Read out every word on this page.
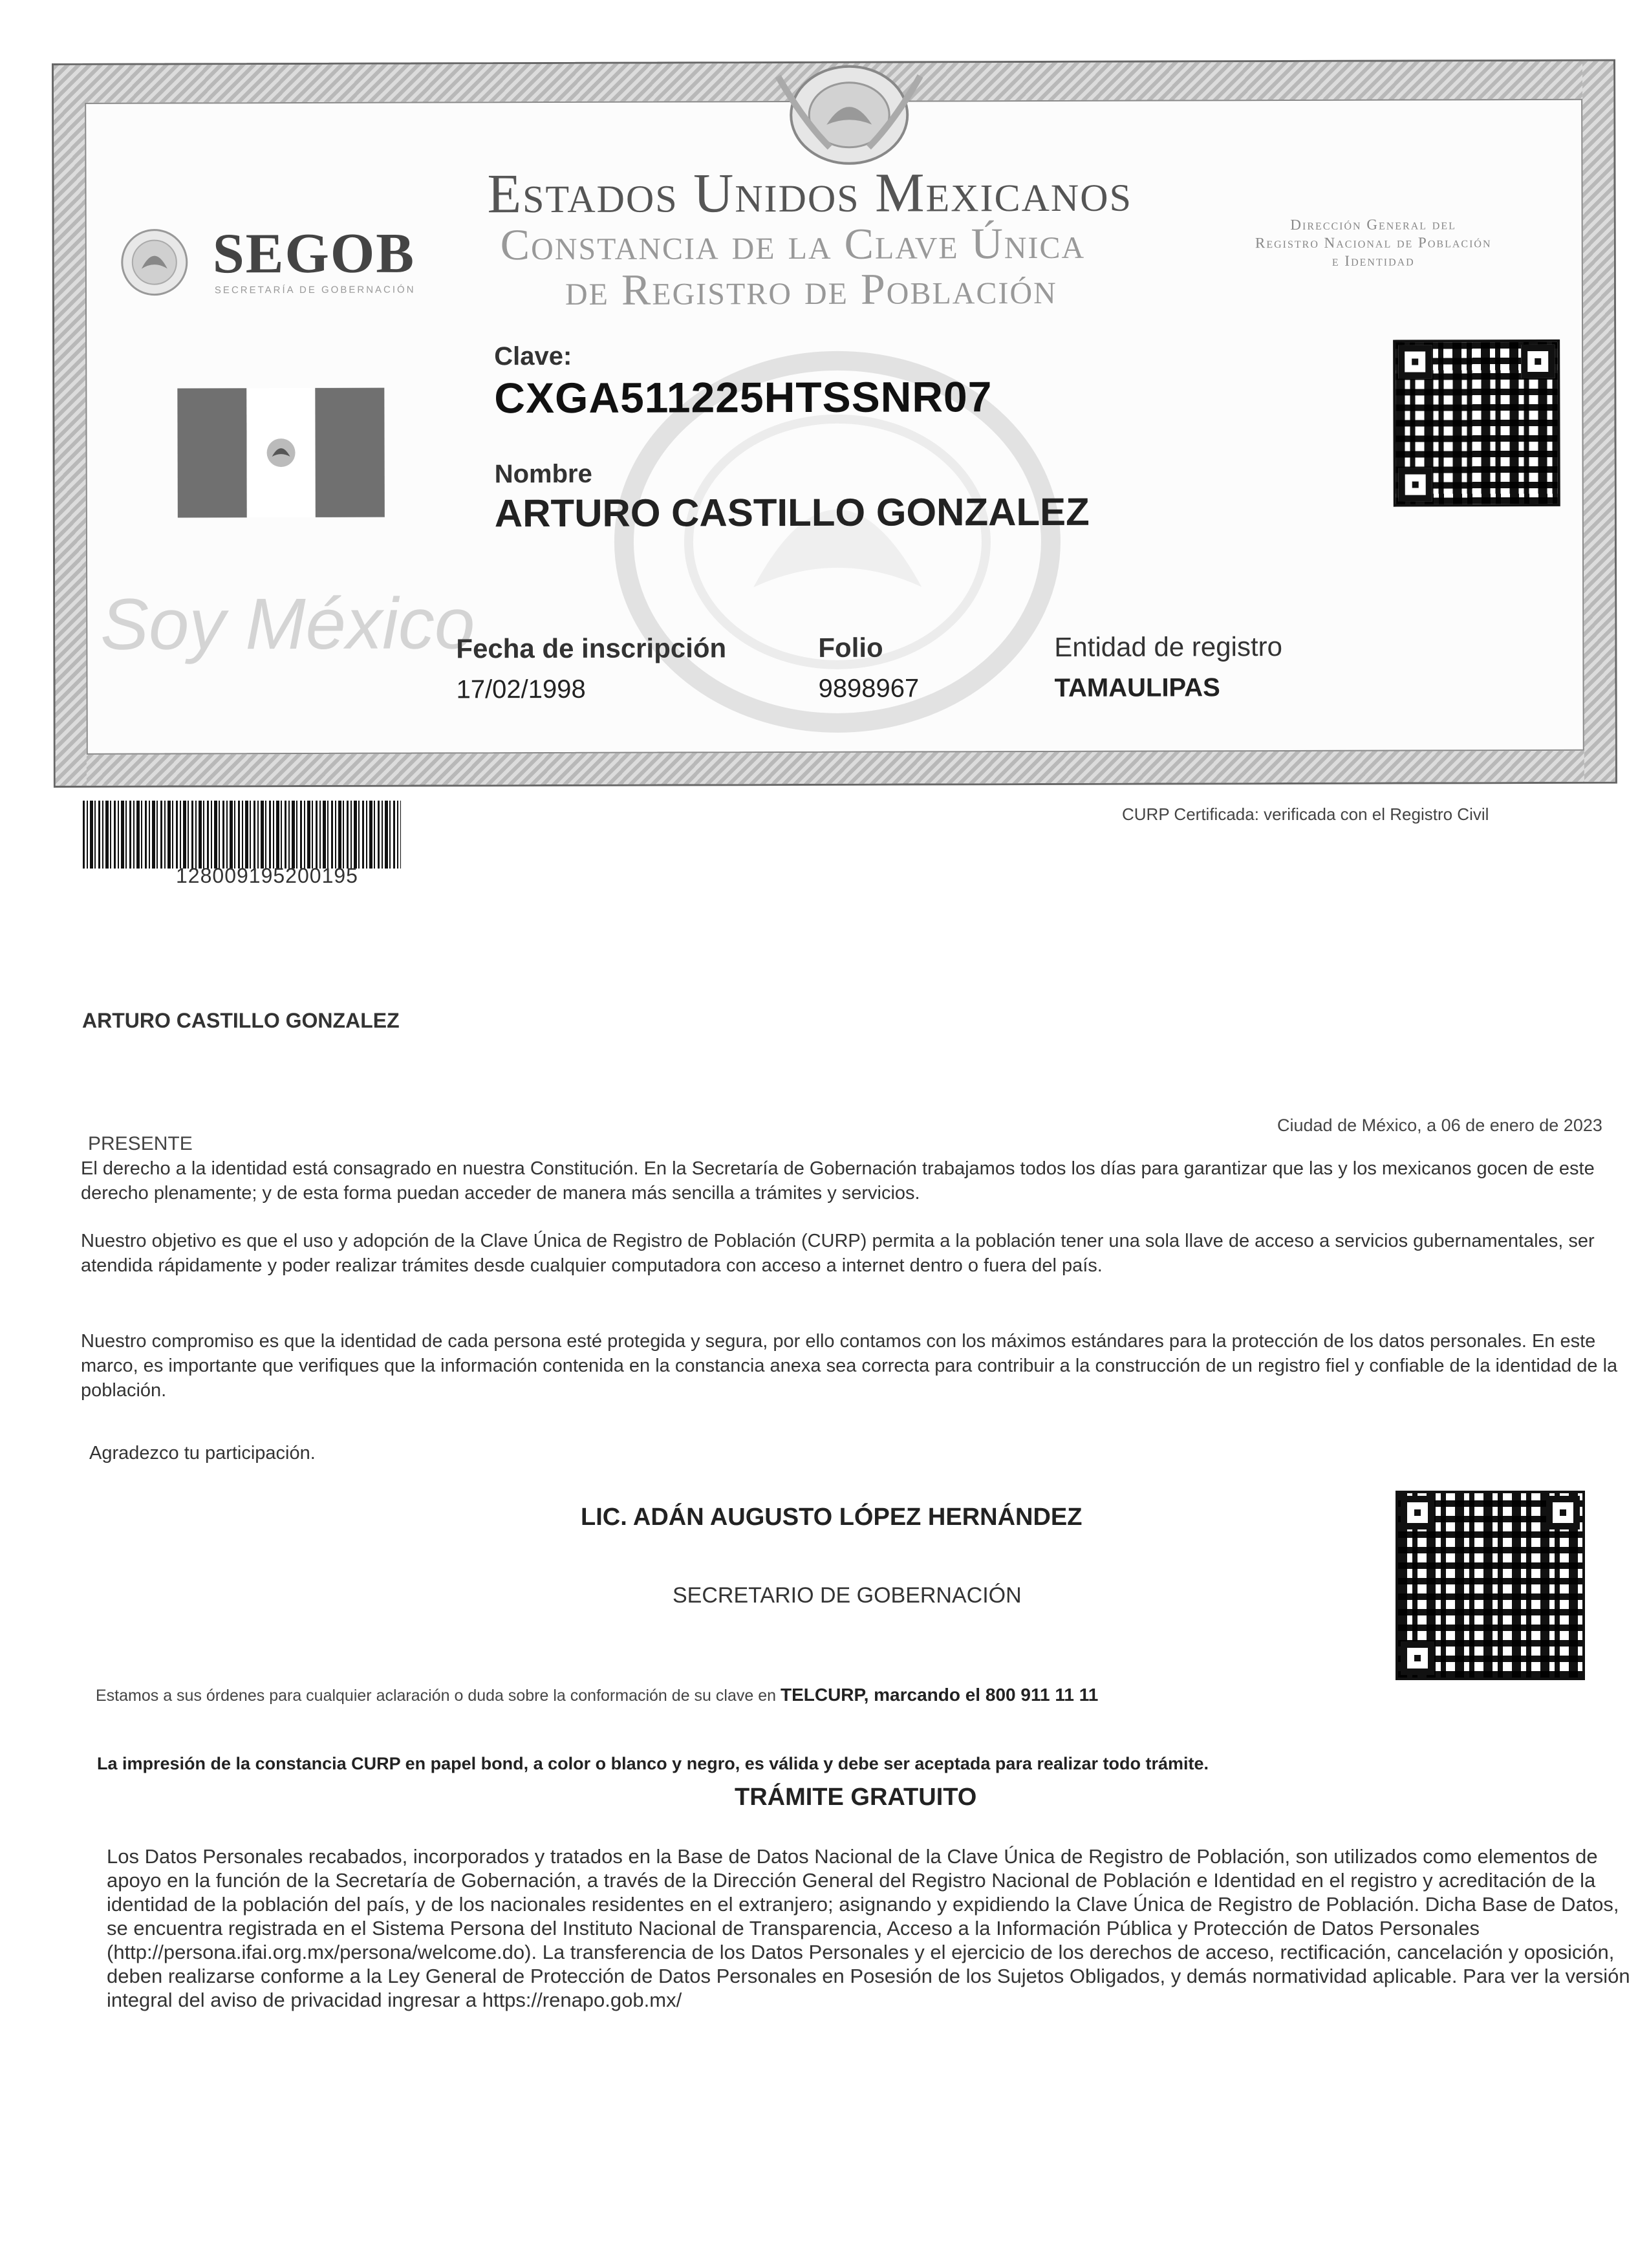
SEGOB
SECRETARÍA DE GOBERNACIÓN
Estados Unidos Mexicanos
Constancia de la Clave Única
de Registro de Población
Dirección General del
Registro Nacional de Población
e Identidad
Soy México
Clave:
CXGA511225HTSSNR07
Nombre
ARTURO CASTILLO GONZALEZ
Fecha de inscripción
17/02/1998
Folio
9898967
Entidad de registro
TAMAULIPAS
128009195200195
CURP Certificada: verificada con el Registro Civil
ARTURO CASTILLO GONZALEZ
PRESENTE
Ciudad de México, a 06 de enero de 2023
El derecho a la identidad está consagrado en nuestra Constitución. En la Secretaría de Gobernación trabajamos todos los días para garantizar que las y los mexicanos gocen de este derecho plenamente; y de esta forma puedan acceder de manera más sencilla a trámites y servicios.
Nuestro objetivo es que el uso y adopción de la Clave Única de Registro de Población (CURP) permita a la población tener una sola llave de acceso a servicios gubernamentales, ser atendida rápidamente y poder realizar trámites desde cualquier computadora con acceso a internet dentro o fuera del país.
Nuestro compromiso es que la identidad de cada persona esté protegida y segura, por ello contamos con los máximos estándares para la protección de los datos personales. En este marco, es importante que verifiques que la información contenida en la constancia anexa sea correcta para contribuir a la construcción de un registro fiel y confiable de la identidad de la población.
Agradezco tu participación.
LIC. ADÁN AUGUSTO LÓPEZ HERNÁNDEZ
SECRETARIO DE GOBERNACIÓN
Estamos a sus órdenes para cualquier aclaración o duda sobre la conformación de su clave en TELCURP, marcando el 800 911 11 11
La impresión de la constancia CURP en papel bond, a color o blanco y negro, es válida y debe ser aceptada para realizar todo trámite.
TRÁMITE GRATUITO
Los Datos Personales recabados, incorporados y tratados en la Base de Datos Nacional de la Clave Única de Registro de Población, son utilizados como elementos de apoyo en la función de la Secretaría de Gobernación, a través de la Dirección General del Registro Nacional de Población e Identidad en el registro y acreditación de la identidad de la población del país, y de los nacionales residentes en el extranjero; asignando y expidiendo la Clave Única de Registro de Población. Dicha Base de Datos, se encuentra registrada en el Sistema Persona del Instituto Nacional de Transparencia, Acceso a la Información Pública y Protección de Datos Personales (http://persona.ifai.org.mx/persona/welcome.do). La transferencia de los Datos Personales y el ejercicio de los derechos de acceso, rectificación, cancelación y oposición, deben realizarse conforme a la Ley General de Protección de Datos Personales en Posesión de los Sujetos Obligados, y demás normatividad aplicable. Para ver la versión integral del aviso de privacidad ingresar a https://renapo.gob.mx/
